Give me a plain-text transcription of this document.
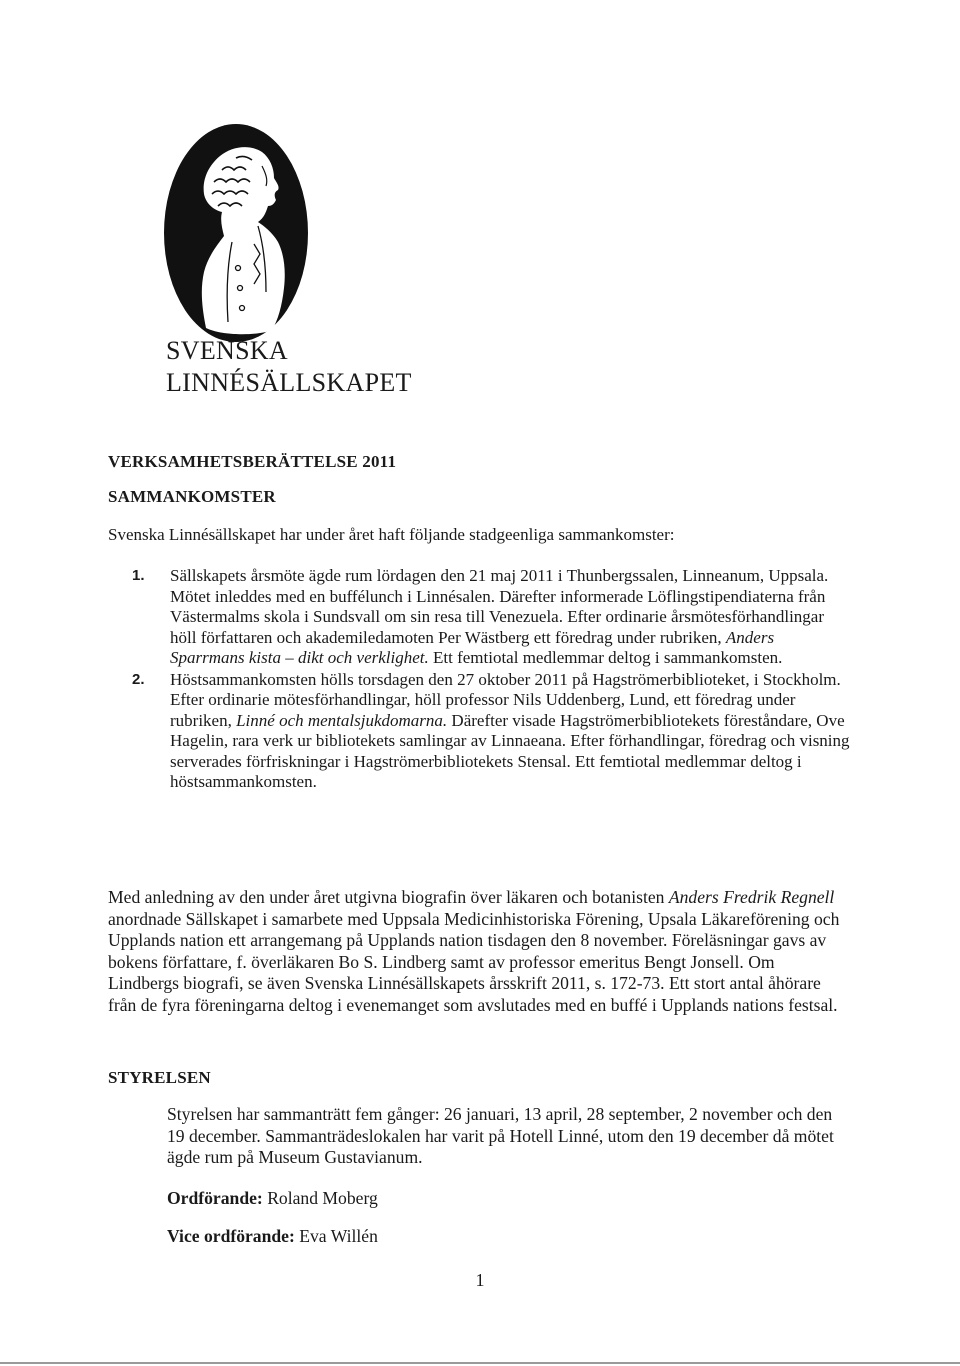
SVENSKA
LINNÉSÄLLSKAPET
VERKSAMHETSBERÄTTELSE 2011
SAMMANKOMSTER
Svenska Linnésällskapet har under året haft följande stadgeenliga sammankomster:
1. Sällskapets årsmöte ägde rum lördagen den 21 maj 2011 i Thunbergssalen, Linneanum, Uppsala. Mötet inleddes med en buffélunch i Linnésalen. Därefter informerade Löflingstipendiaterna från Västermalms skola i Sundsvall om sin resa till Venezuela. Efter ordinarie årsmötesförhandlingar höll författaren och akademiledamoten Per Wästberg ett föredrag under rubriken, Anders Sparrmans kista – dikt och verklighet. Ett femtiotal medlemmar deltog i sammankomsten.
2. Höstsammankomsten hölls torsdagen den 27 oktober 2011 på Hagströmerbiblioteket, i Stockholm. Efter ordinarie mötesförhandlingar, höll professor Nils Uddenberg, Lund, ett föredrag under rubriken, Linné och mentalsjukdomarna. Därefter visade Hagströmerbibliotekets föreståndare, Ove Hagelin, rara verk ur bibliotekets samlingar av Linnaeana. Efter förhandlingar, föredrag och visning serverades förfriskningar i Hagströmerbibliotekets Stensal. Ett femtiotal medlemmar deltog i höstsammankomsten.
Med anledning av den under året utgivna biografin över läkaren och botanisten Anders Fredrik Regnell anordnade Sällskapet i samarbete med Uppsala Medicinhistoriska Förening, Upsala Läkareförening och Upplands nation ett arrangemang på Upplands nation tisdagen den 8 november. Föreläsningar gavs av bokens författare, f. överläkaren Bo S. Lindberg samt av professor emeritus Bengt Jonsell. Om Lindbergs biografi, se även Svenska Linnésällskapets årsskrift 2011, s. 172-73. Ett stort antal åhörare från de fyra föreningarna deltog i evenemanget som avslutades med en buffé i Upplands nations festsal.
STYRELSEN
Styrelsen har sammanträtt fem gånger: 26 januari, 13 april, 28 september, 2 november och den 19 december. Sammanträdeslokalen har varit på Hotell Linné, utom den 19 december då mötet ägde rum på Museum Gustavianum.
Ordförande: Roland Moberg
Vice ordförande: Eva Willén
1
